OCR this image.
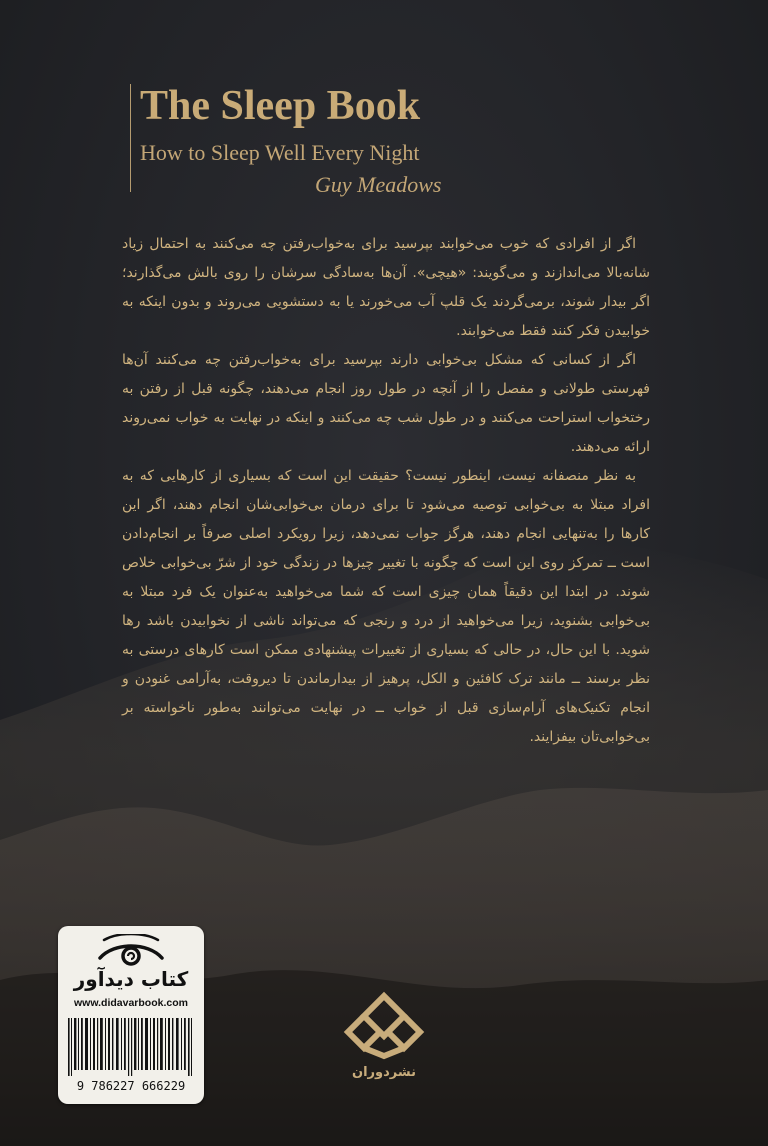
The Sleep Book
How to Sleep Well Every Night
Guy Meadows

اگر از افرادی که خوب می‌خوابند بپرسید برای به‌خواب‌رفتن چه می‌کنند به احتمال زیاد شانه‌بالا می‌اندازند و می‌گویند: «هیچی». آن‌ها به‌سادگی سرشان را روی بالش می‌گذارند؛ اگر بیدار شوند، برمی‌گردند یک قلپ آب می‌خورند یا به دستشویی می‌روند و بدون اینکه به خوابیدن فکر کنند فقط می‌خوابند.

اگر از کسانی که مشکل بی‌خوابی دارند بپرسید برای به‌خواب‌رفتن چه می‌کنند آن‌ها فهرستی طولانی و مفصل را از آنچه در طول روز انجام می‌دهند، چگونه قبل از رفتن به رختخواب استراحت می‌کنند و در طول شب چه می‌کنند و اینکه در نهایت به خواب نمی‌روند ارائه می‌دهند.

به نظر منصفانه نیست، اینطور نیست؟ حقیقت این است که بسیاری از کارهایی که به افراد مبتلا به بی‌خوابی توصیه می‌شود تا برای درمان بی‌خوابی‌شان انجام دهند، اگر این کارها را به‌تنهایی انجام دهند، هرگز جواب نمی‌دهد، زیرا رویکرد اصلی صرفاً بر انجام‌دادن است ــ تمرکز روی این است که چگونه با تغییر چیزها در زندگی خود از شرّ بی‌خوابی خلاص شوند. در ابتدا این دقیقاً همان چیزی است که شما می‌خواهید به‌عنوان یک فرد مبتلا به بی‌خوابی بشنوید، زیرا می‌خواهید از درد و رنجی که می‌تواند ناشی از نخوابیدن باشد رها شوید. با این حال، در حالی که بسیاری از تغییرات پیشنهادی ممکن است کارهای درستی به نظر برسند ــ مانند ترک کافئین و الکل، پرهیز از بیدارماندن تا دیروقت، به‌آرامی غنودن و انجام تکنیک‌های آرام‌سازی قبل از خواب ــ در نهایت می‌توانند به‌طور ناخواسته بر بی‌خوابی‌تان بیفزایند.

کتاب دیدآور
www.didavarbook.com
9 786227 666229
نشردوران
